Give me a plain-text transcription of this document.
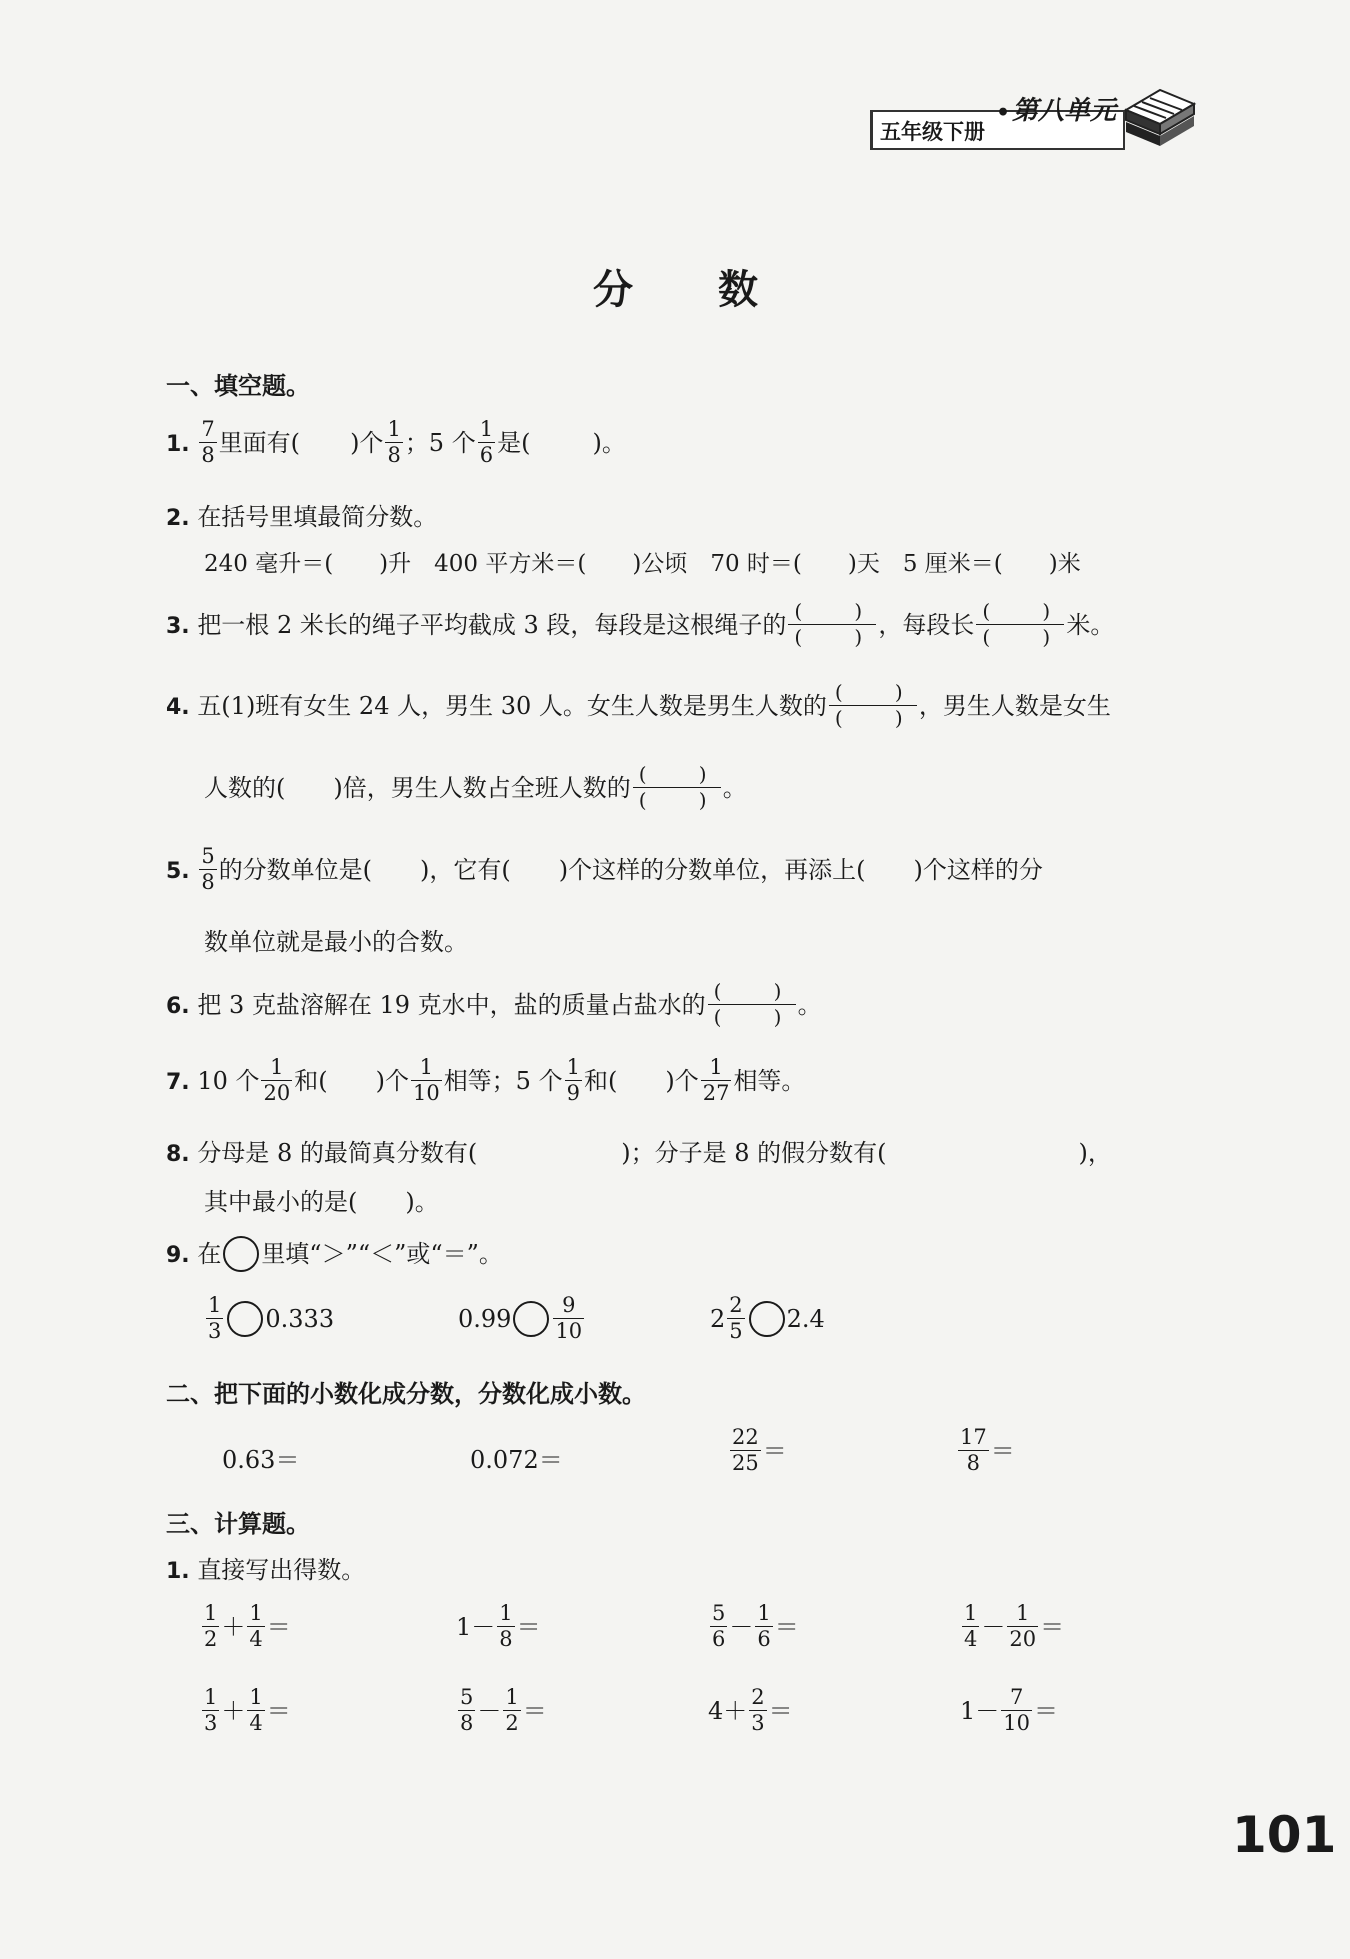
五年级下册
• 第八单元
分 数
一、填空题。
1. $\frac{7}{8}$ 里面有( )个 $\frac{1}{8}$ ；5 个 $\frac{1}{6}$ 是(	)。
2. 在括号里填最简分数。
240 毫升＝(　　)升　400 平方米＝(　　)公顷　70 时＝(　　)天　5 厘米＝(　　)米
3. 把一根 2 米长的绳子平均截成 3 段，每段是这根绳子的 (	)
(	) ，每段长 (	)
(	) 米。
4. 五(1)班有女生 24 人，男生 30 人。女生人数是男生人数的 (	)
(	) ，男生人数是女生
人数的(　　)倍，男生人数占全班人数的 (	)
(	) 。
5. $\frac{5}{8}$ 的分数单位是(　　)，它有(　　)个这样的分数单位，再添上(　　)个这样的分
数单位就是最小的合数。
6. 把 3 克盐溶解在 19 克水中，盐的质量占盐水的 (	)
(	) 。
7. 10 个 $\frac{1}{20}$ 和(　　)个 $\frac{1}{10}$ 相等；5 个 $\frac{1}{9}$ 和(　　)个 $\frac{1}{27}$ 相等。
8. 分母是 8 的最简真分数有(　　　　　　)；分子是 8 的假分数有(　　　　　　　　)，
其中最小的是(　　)。
9. 在 里填“＞”“＜”或“＝”。
$\frac{1}{3} 0.333$	$0.99 \frac{9}{10}$	$2 \frac{2}{5} 2.4$
二、把下面的小数化成分数，分数化成小数。
0.63＝	0.072＝	$\frac{22}{25}$ ＝	$\frac{17}{8}$ ＝
三、计算题。
1. 直接写出得数。
$\frac{1}{2} + \frac{1}{4}$ ＝	$1- \frac{1}{8}$ ＝	$\frac{5}{6} - \frac{1}{6}$ ＝	$\frac{1}{4} - \frac{1}{20}$ ＝
$\frac{1}{3} + \frac{1}{4}$ ＝	$\frac{5}{8} - \frac{1}{2}$ ＝	$4+ \frac{2}{3}$ ＝	$1- \frac{7}{10}$ ＝
101
